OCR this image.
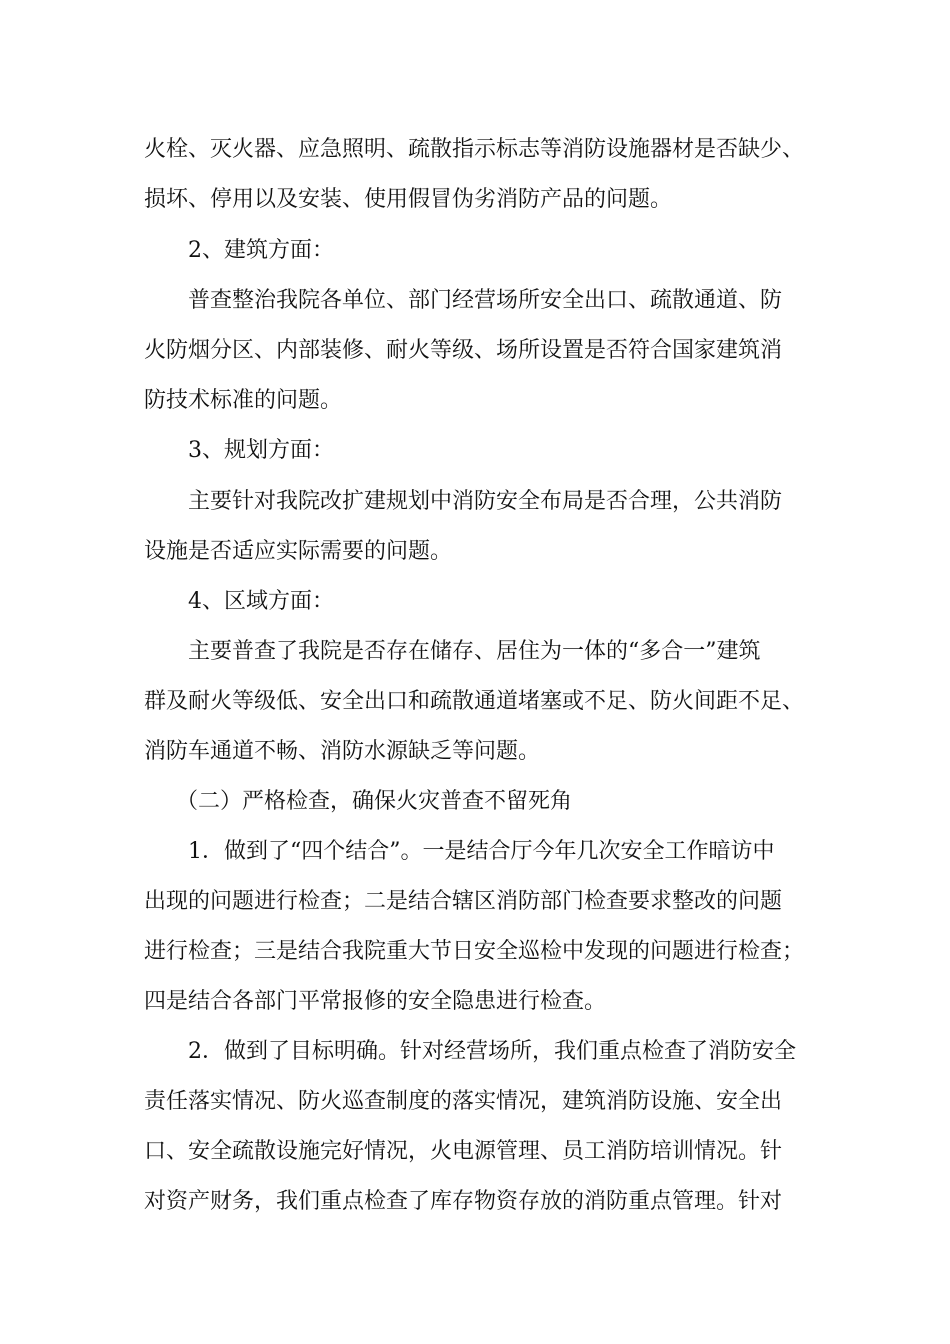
火栓、灭火器、应急照明、疏散指示标志等消防设施器材是否缺少、
损坏、停用以及安装、使用假冒伪劣消防产品的问题。
2、建筑方面：
普查整治我院各单位、部门经营场所安全出口、疏散通道、防
火防烟分区、内部装修、耐火等级、场所设置是否符合国家建筑消
防技术标准的问题。
3、规划方面：
主要针对我院改扩建规划中消防安全布局是否合理，公共消防
设施是否适应实际需要的问题。
4、区域方面：
主要普查了我院是否存在储存、居住为一体的“多合一”建筑
群及耐火等级低、安全出口和疏散通道堵塞或不足、防火间距不足、
消防车通道不畅、消防水源缺乏等问题。
（二）严格检查，确保火灾普查不留死角
1．做到了“四个结合”。一是结合厅今年几次安全工作暗访中
出现的问题进行检查；二是结合辖区消防部门检查要求整改的问题
进行检查；三是结合我院重大节日安全巡检中发现的问题进行检查；
四是结合各部门平常报修的安全隐患进行检查。
2．做到了目标明确。针对经营场所，我们重点检查了消防安全
责任落实情况、防火巡查制度的落实情况，建筑消防设施、安全出
口、安全疏散设施完好情况，火电源管理、员工消防培训情况。针
对资产财务，我们重点检查了库存物资存放的消防重点管理。针对
